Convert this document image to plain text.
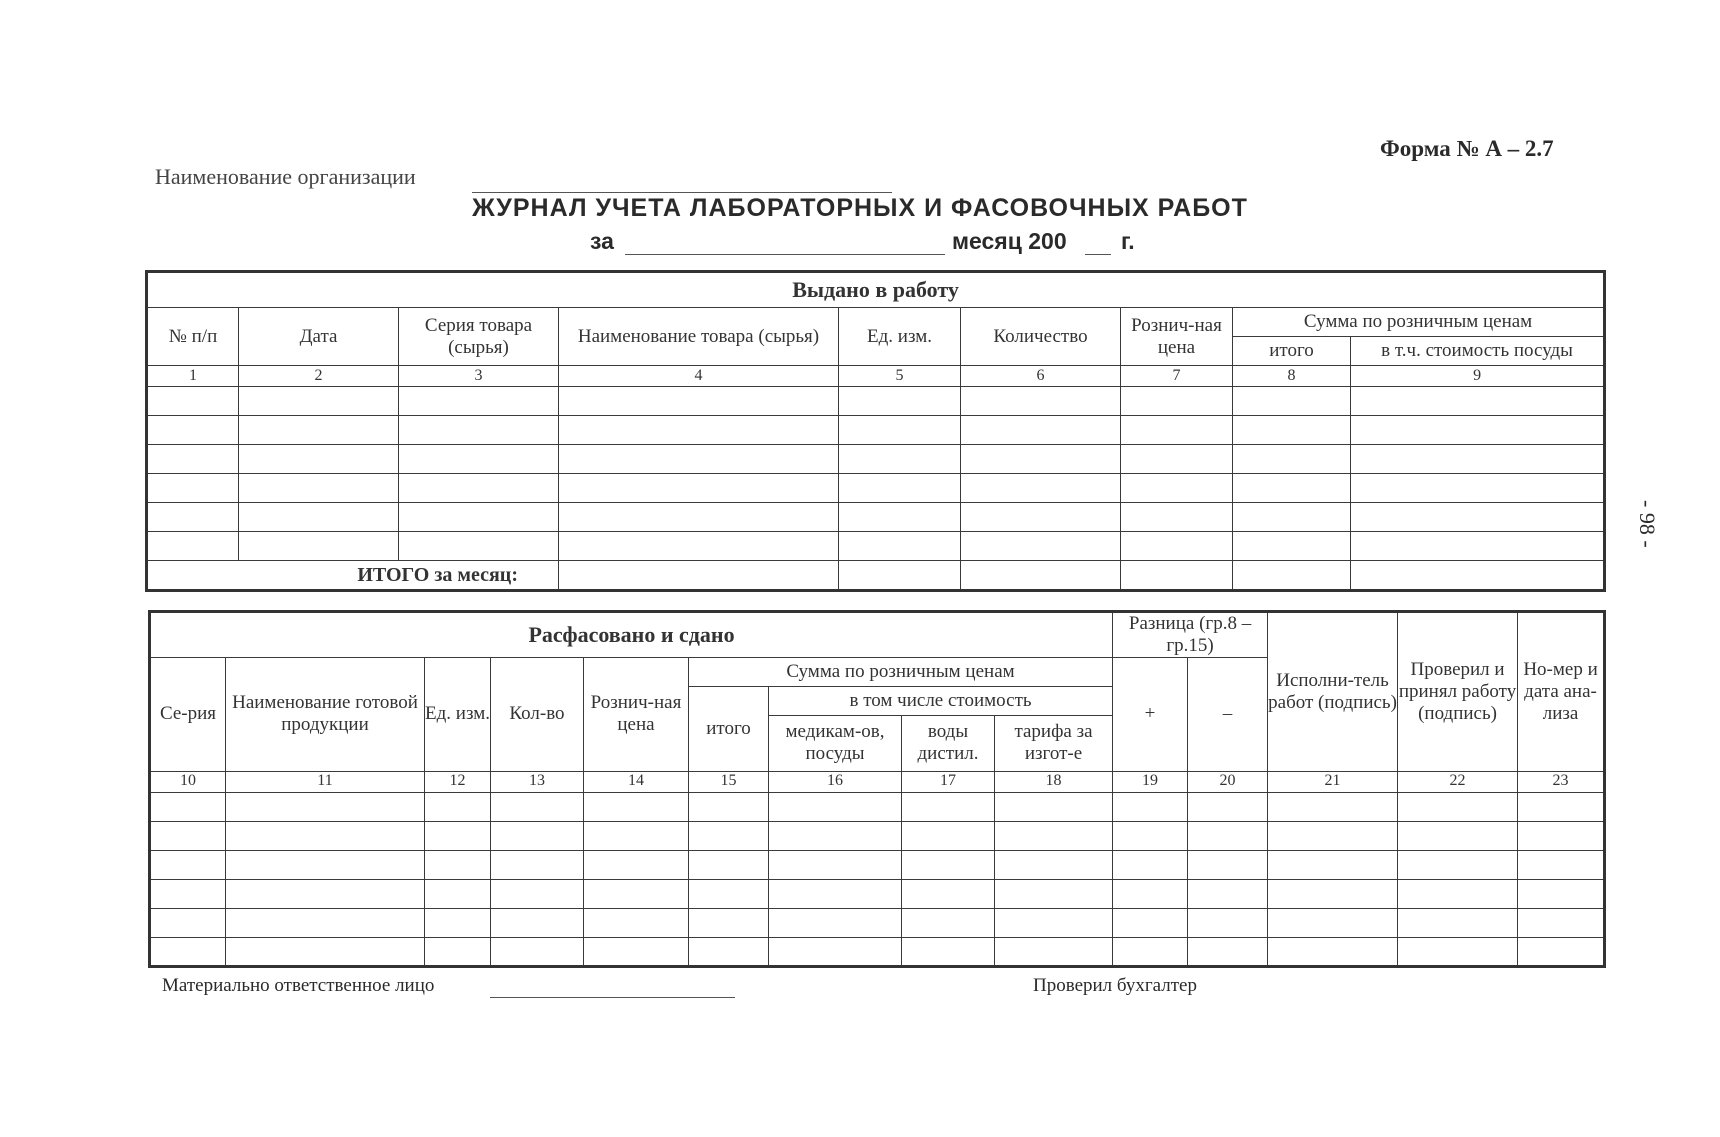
Форма № А – 2.7
Наименование организации
ЖУРНАЛ УЧЕТА ЛАБОРАТОРНЫХ И ФАСОВОЧНЫХ РАБОТ
за	месяц 200 г.
- 98 -
Выдано в работу								
№ п/п	Дата	Серия товара (сырья)	Наименование товара (сырья)	Ед. изм.	Количество	Рознич-ная цена	Сумма по розничным ценам	
							итого	в т.ч. стоимость посуды
1	2	3	4	5	6	7	8	9

ИТОГО за месяц:								
Расфасовано и сдано									Разница (гр.8 – гр.15)		Исполни-тель работ (подпись)	Проверил и принял работу (подпись)	Но-мер и дата ана-лиза
Се-рия	Наименование готовой продукции	Ед. изм.	Кол-во	Рознич-ная цена	Сумма по розничным ценам				+	–			
					итого	в том числе стоимость							
						медикам-ов, посуды	воды дистил.	тарифа за изгот-е					
10	11	12	13	14	15	16	17	18	19	20	21	22	23

Материально ответственное лицо	Проверил бухгалтер
